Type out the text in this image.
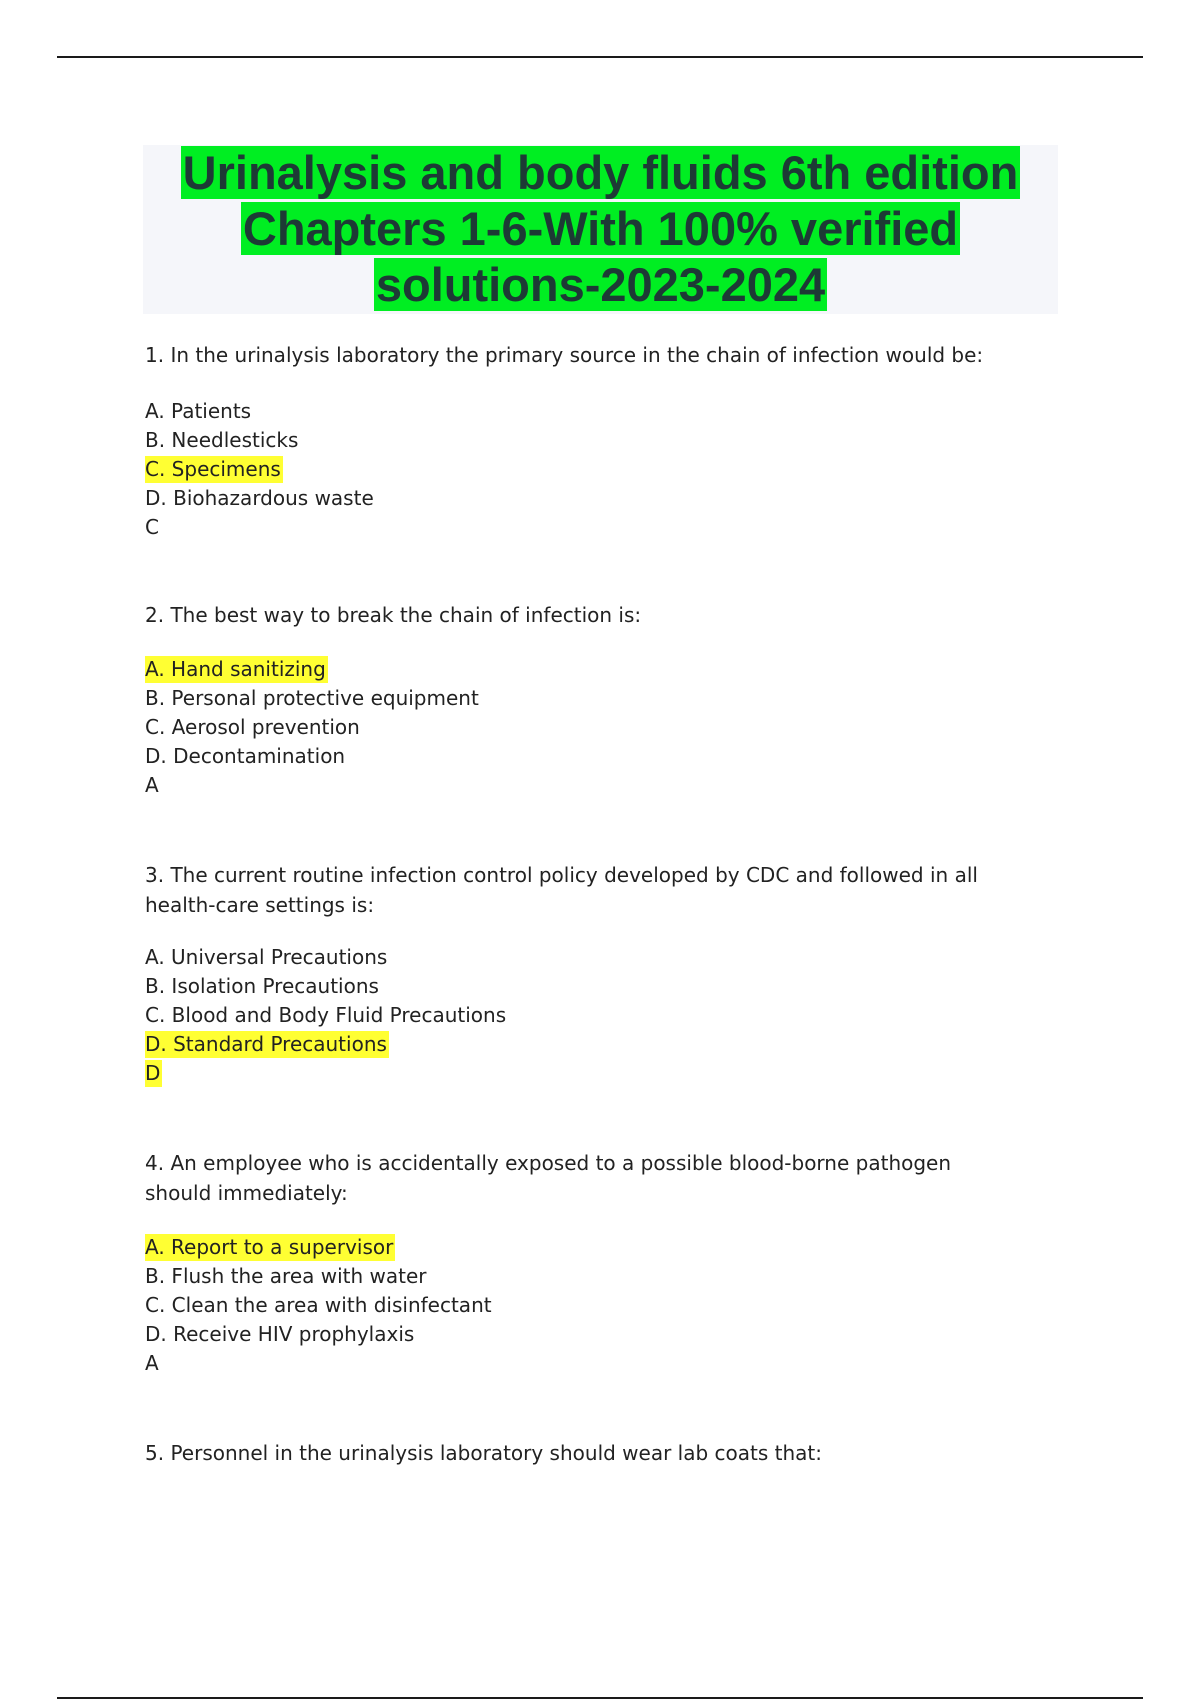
Urinalysis and body fluids 6th edition
Chapters 1-6-With 100% verified
solutions-2023-2024

1. In the urinalysis laboratory the primary source in the chain of infection would be:

A. Patients
B. Needlesticks
C. Specimens
D. Biohazardous waste

C

2. The best way to break the chain of infection is:

A. Hand sanitizing
B. Personal protective equipment
C. Aerosol prevention
D. Decontamination

A

3. The current routine infection control policy developed by CDC and followed in all health-care settings is:

A. Universal Precautions
B. Isolation Precautions
C. Blood and Body Fluid Precautions
D. Standard Precautions

D

4. An employee who is accidentally exposed to a possible blood-borne pathogen should immediately:

A. Report to a supervisor
B. Flush the area with water
C. Clean the area with disinfectant
D. Receive HIV prophylaxis

A

5. Personnel in the urinalysis laboratory should wear lab coats that:
